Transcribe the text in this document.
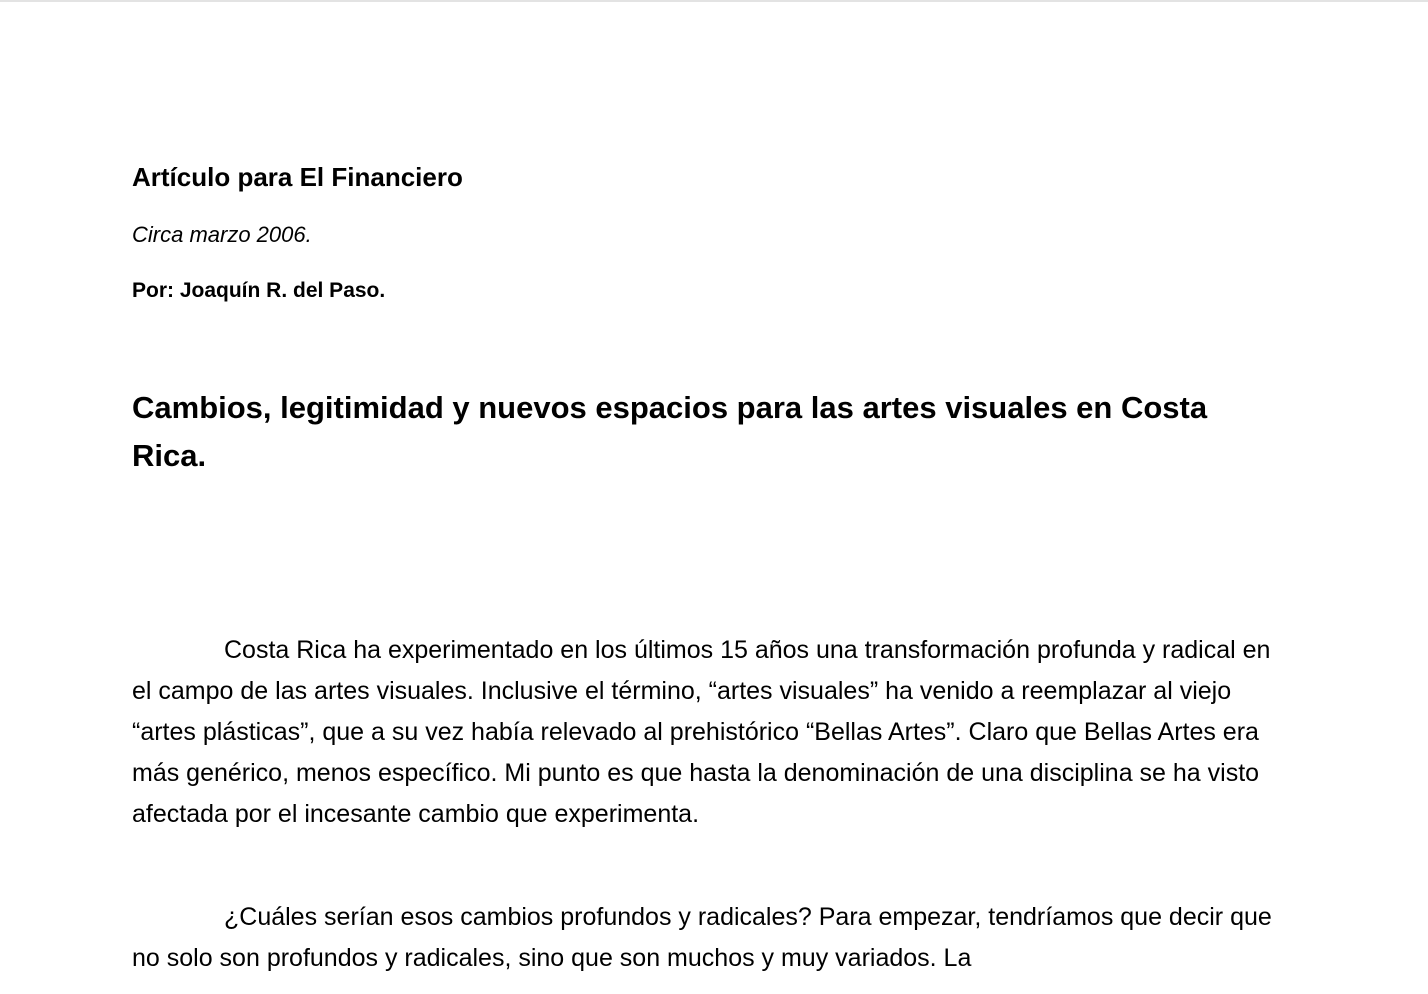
Artículo para El Financiero

Circa marzo 2006.

Por: Joaquín R. del Paso.

Cambios, legitimidad y nuevos espacios para las artes visuales en Costa Rica.

Costa Rica ha experimentado en los últimos 15 años una transformación profunda y radical en el campo de las artes visuales. Inclusive el término, “artes visuales” ha venido a reemplazar al viejo “artes plásticas”, que a su vez había relevado al prehistórico “Bellas Artes”. Claro que Bellas Artes era más genérico, menos específico. Mi punto es que hasta la denominación de una disciplina se ha visto afectada por el incesante cambio que experimenta.

¿Cuáles serían esos cambios profundos y radicales? Para empezar, tendríamos que decir que no solo son profundos y radicales, sino que son muchos y muy variados. La
